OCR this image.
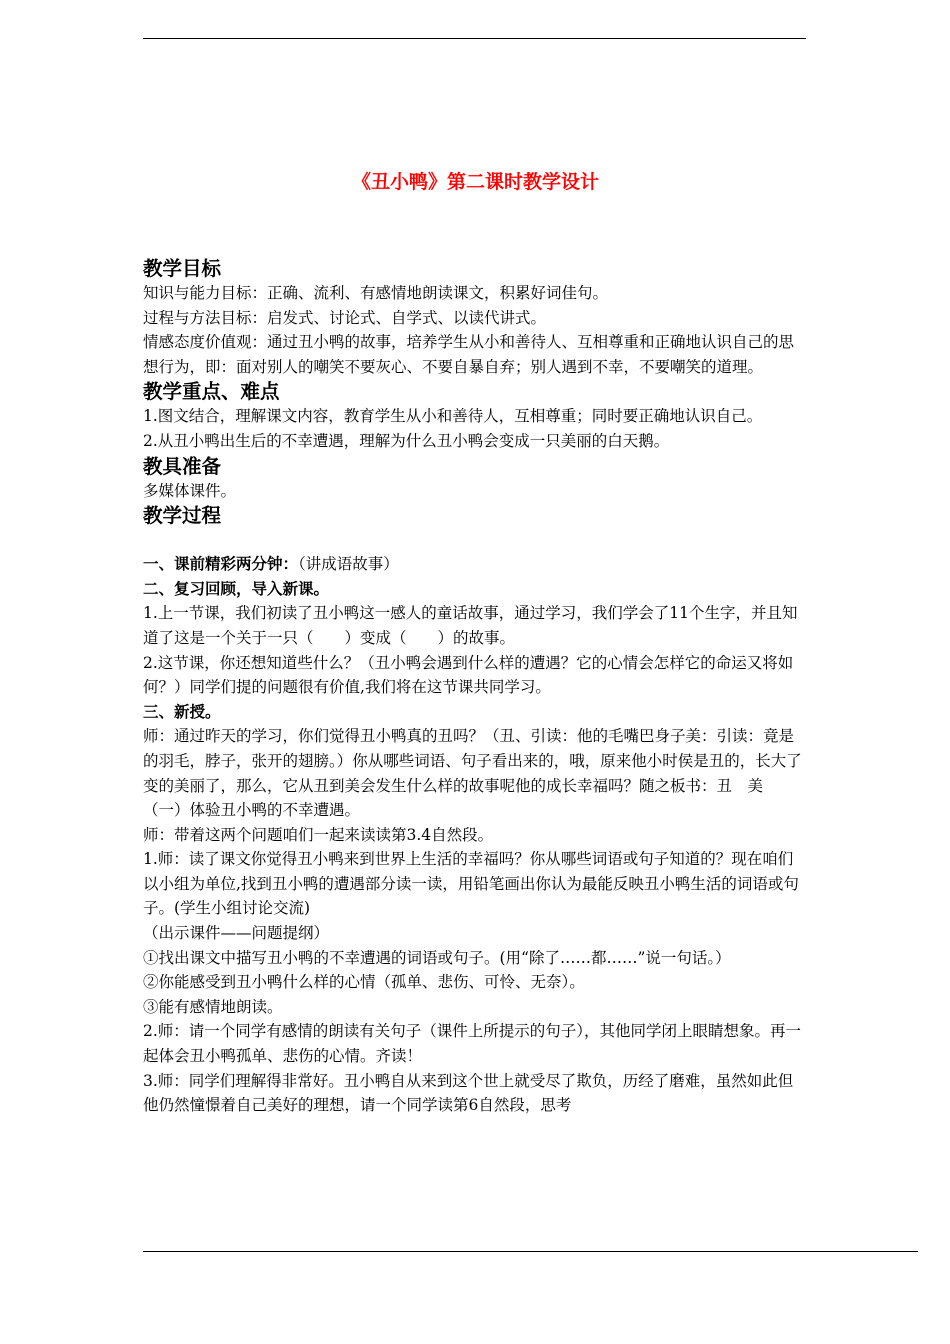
《丑小鸭》第二课时教学设计
教学目标

知识与能力目标：正确、流利、有感情地朗读课文，积累好词佳句。

过程与方法目标：启发式、讨论式、自学式、以读代讲式。

情感态度价值观：通过丑小鸭的故事，培养学生从小和善待人、互相尊重和正确地认识自己的思想行为，即：面对别人的嘲笑不要灰心、不要自暴自弃；别人遇到不幸，不要嘲笑的道理。

教学重点、难点

1.图文结合，理解课文内容，教育学生从小和善待人，互相尊重；同时要正确地认识自己。

2.从丑小鸭出生后的不幸遭遇，理解为什么丑小鸭会变成一只美丽的白天鹅。

教具准备

多媒体课件。

教学过程

一、课前精彩两分钟：（讲成语故事）

二、复习回顾，导入新课。

1.上一节课，我们初读了丑小鸭这一感人的童话故事，通过学习，我们学会了11个生字，并且知道了这是一个关于一只（　　）变成（　　）的故事。

2.这节课，你还想知道些什么？（丑小鸭会遇到什么样的遭遇？它的心情会怎样它的命运又将如何？）同学们提的问题很有价值,我们将在这节课共同学习。

三、新授。

师：通过昨天的学习，你们觉得丑小鸭真的丑吗？（丑、引读：他的毛嘴巴身子美：引读：竟是的羽毛，脖子，张开的翅膀。）你从哪些词语、句子看出来的，哦，原来他小时侯是丑的，长大了变的美丽了，那么，它从丑到美会发生什么样的故事呢他的成长幸福吗？随之板书：丑　美

（一）体验丑小鸭的不幸遭遇。

师：带着这两个问题咱们一起来读读第3.4自然段。

1.师：读了课文你觉得丑小鸭来到世界上生活的幸福吗？你从哪些词语或句子知道的？现在咱们以小组为单位,找到丑小鸭的遭遇部分读一读，用铅笔画出你认为最能反映丑小鸭生活的词语或句子。(学生小组讨论交流)

（出示课件——问题提纲）

①找出课文中描写丑小鸭的不幸遭遇的词语或句子。(用“除了……都……”说一句话。）

②你能感受到丑小鸭什么样的心情（孤单、悲伤、可怜、无奈）。

③能有感情地朗读。

2.师：请一个同学有感情的朗读有关句子（课件上所提示的句子），其他同学闭上眼睛想象。再一起体会丑小鸭孤单、悲伤的心情。齐读！

3.师：同学们理解得非常好。丑小鸭自从来到这个世上就受尽了欺负，历经了磨难，虽然如此但他仍然憧憬着自己美好的理想，请一个同学读第6自然段，思考
